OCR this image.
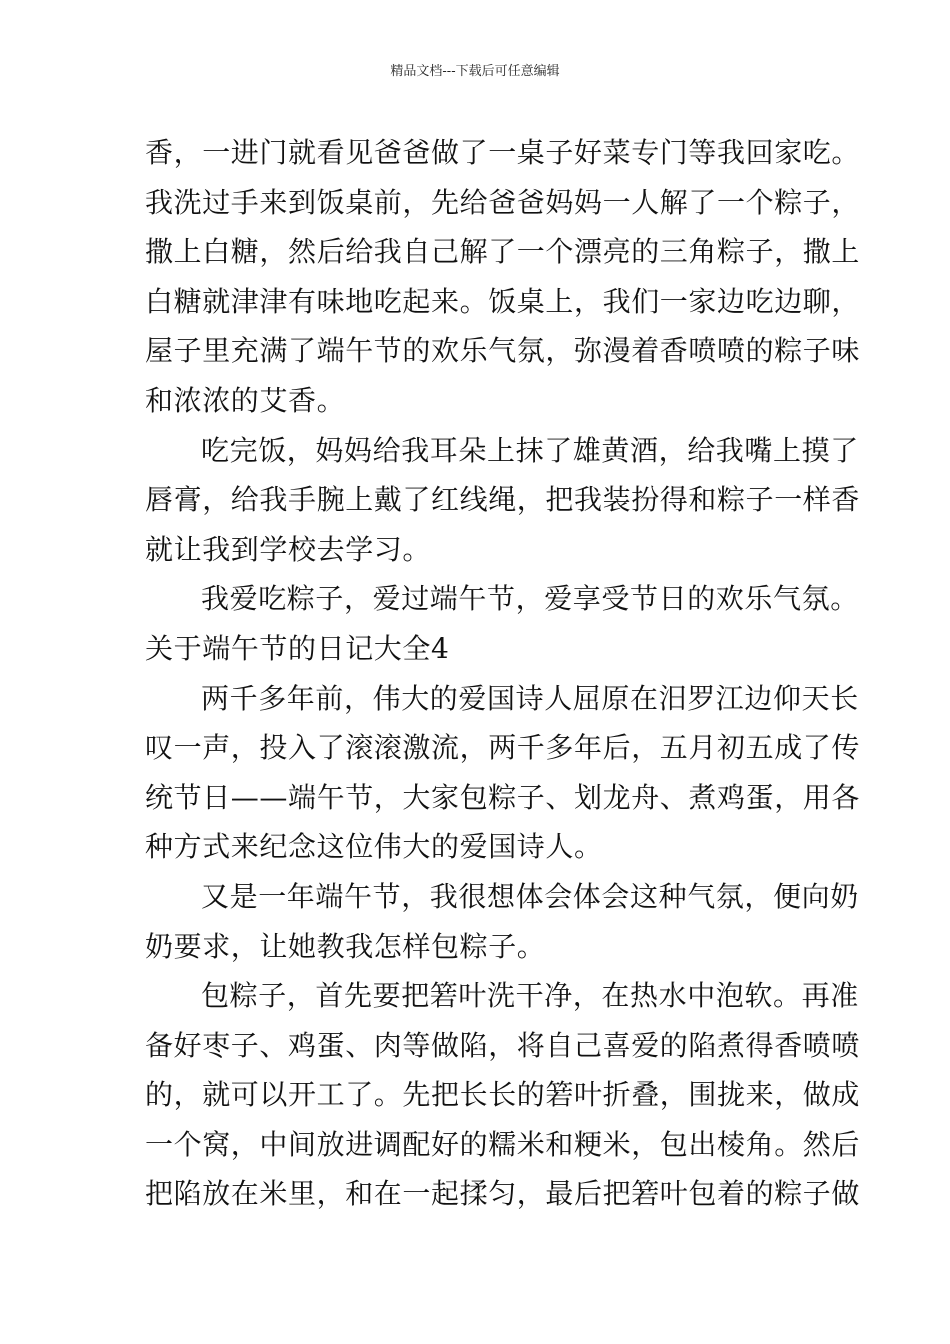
精品文档---下载后可任意编辑
香，一进门就看见爸爸做了一桌子好菜专门等我回家吃。
我洗过手来到饭桌前，先给爸爸妈妈一人解了一个粽子，
撒上白糖，然后给我自己解了一个漂亮的三角粽子，撒上
白糖就津津有味地吃起来。饭桌上，我们一家边吃边聊，
屋子里充满了端午节的欢乐气氛，弥漫着香喷喷的粽子味
和浓浓的艾香。
吃完饭，妈妈给我耳朵上抹了雄黄酒，给我嘴上摸了
唇膏，给我手腕上戴了红线绳，把我装扮得和粽子一样香
就让我到学校去学习。
我爱吃粽子，爱过端午节，爱享受节日的欢乐气氛。
关于端午节的日记大全4
两千多年前，伟大的爱国诗人屈原在汨罗江边仰天长
叹一声，投入了滚滚激流，两千多年后，五月初五成了传
统节日——端午节，大家包粽子、划龙舟、煮鸡蛋，用各
种方式来纪念这位伟大的爱国诗人。
又是一年端午节，我很想体会体会这种气氛，便向奶
奶要求，让她教我怎样包粽子。
包粽子，首先要把箬叶洗干净，在热水中泡软。再准
备好枣子、鸡蛋、肉等做陷，将自己喜爱的陷煮得香喷喷
的，就可以开工了。先把长长的箬叶折叠，围拢来，做成
一个窝，中间放进调配好的糯米和粳米，包出棱角。然后
把陷放在米里，和在一起揉匀，最后把箬叶包着的粽子做
